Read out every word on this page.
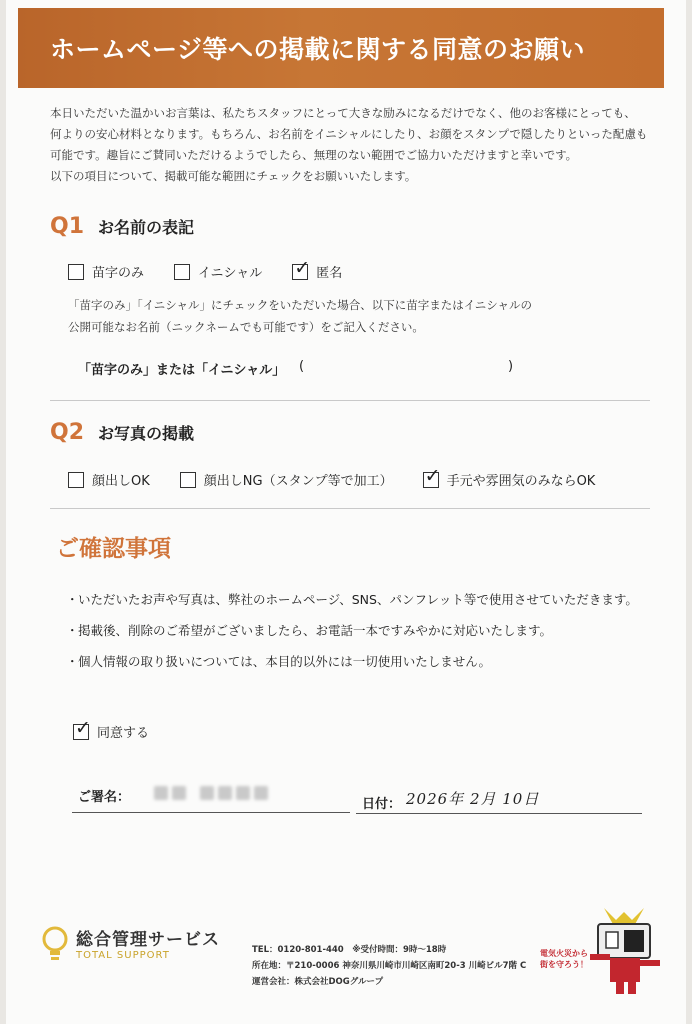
ホームページ等への掲載に関する同意のお願い

本日いただいた温かいお言葉は、私たちスタッフにとって大きな励みになるだけでなく、他のお客様にとっても、

何よりの安心材料となります。もちろん、お名前をイニシャルにしたり、お顔をスタンプで隠したりといった配慮も

可能です。趣旨にご賛同いただけるようでしたら、無理のない範囲でご協力いただけますと幸いです。

以下の項目について、掲載可能な範囲にチェックをお願いいたします。

Q1 お名前の表記
苗字のみ	イニシャル ✓ 匿名

「苗字のみ」「イニシャル」にチェックをいただいた場合、以下に苗字またはイニシャルの

公開可能なお名前（ニックネームでも可能です）をご記入ください。

「苗字のみ」または「イニシャル」 (	)
Q2 お写真の掲載
顔出しOK	顔出しNG（スタンプ等で加工） ✓ 手元や雰囲気のみならOK
ご確認事項
・ いただいたお声や写真は、弊社のホームページ、SNS、パンフレット等で使用させていただきます。
・ 掲載後、削除のご希望がございましたら、お電話一本ですみやかに対応いたします。
・ 個人情報の取り扱いについては、本目的以外には一切使用いたしません。
✓ 同意する
ご署名：	日付： 2026年 2月 10日
総合管理サービス
TOTAL SUPPORT	TEL：0120-801-440　※受付時間：9時〜18時

所在地：〒210-0006 神奈川県川崎市川崎区南町20-3 川崎ビル7階 C

運営会社：株式会社DOGグループ

電気火災から街を守ろう！
